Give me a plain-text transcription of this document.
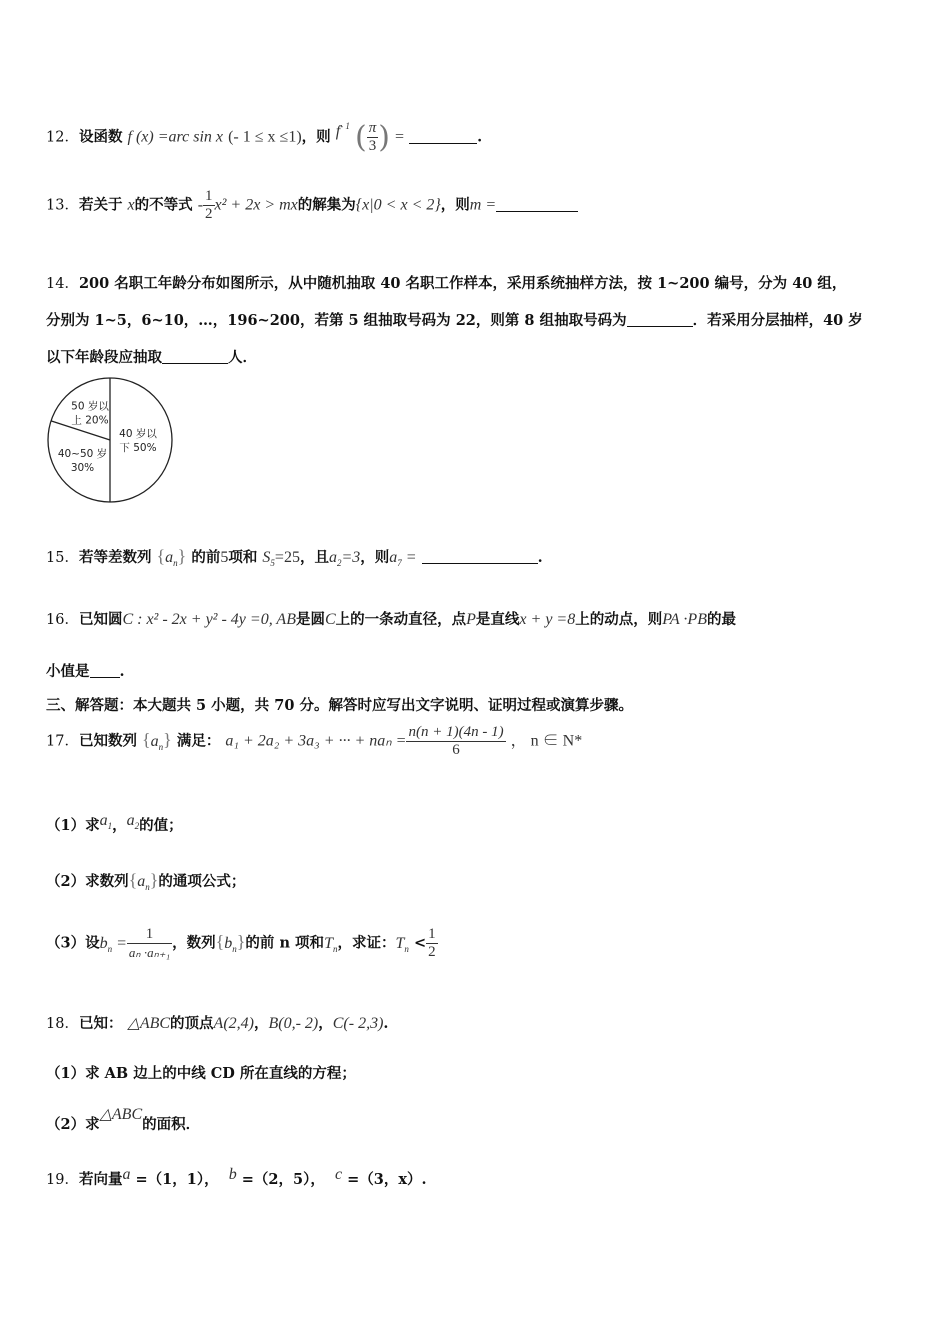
12．设函数 f (x) =arc sin x (- 1 ≤ x ≤1)，则 $f^{- 1}$ ( $\frac{\pi}{3}$ ) =	.
13．若关于 x的不等式 - $\frac{1}{2} x^2 + 2x$ > mx的解集为{x|0 < x < 2}，则m =
14．200 名职工年龄分布如图所示，从中随机抽取 40 名职工作样本，采用系统抽样方法，按 1~200 编号，分为 40 组，
分别为 1~5，6~10，…，196~200，若第 5 组抽取号码为 22，则第 8 组抽取号码为	．若采用分层抽样，40 岁
以下年龄段应抽取	人．
40 岁以
下 50%
40~50 岁
30%
50 岁以
上 20%
15．若等差数列 $\{a_n\}$ 的前5项和 $S_5=25$，且$a_2=3$，则$a_7$ =	.
16．已知圆C : x² - 2x + y² - 4y =0, AB是圆C上的一条动直径，点P是直线x + y =8上的动点，则PA ·PB的最
小值是 .
三、解答题：本大题共 5 小题，共 70 分。解答时应写出文字说明、证明过程或演算步骤。
17．已知数列 $\{a_n\}$ 满足： a₁ + 2a₂ + 3a₃ + ··· + $na_n = \frac{n(n + 1)(4n - 1)}{6}$ ， n ∈ N*
（1）求$a_1$，$a_2$的值；
（2）求数列$\{a_n\}$的通项公式；
（3）设$b_n = \frac{1}{\text{aₙ ·aₙ₊₁}}$ ，数列$\{b_n\}$的前 n 项和$T_n$，求证：$T_n < \frac{1}{2}$
18．已知： △ABC的顶点A(2,4)，B(0,- 2)，C(- 2,3).
（1）求 AB 边上的中线 CD 所在直线的方程；
（2）求△ABC的面积．
19．若向量a =（1，1）， b =（2，5）， c =（3，x）.
